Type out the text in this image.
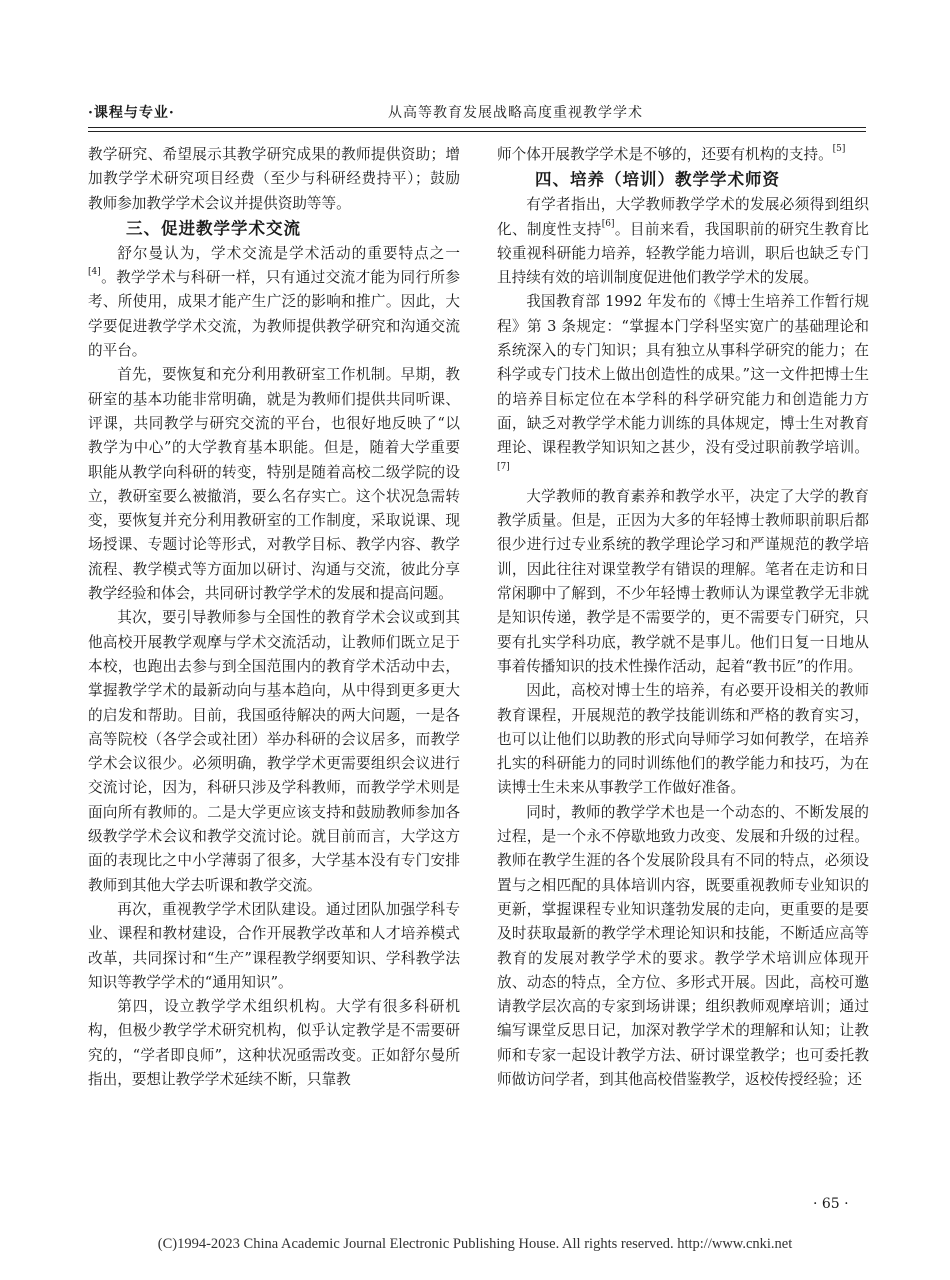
·课程与专业·	从高等教育发展战略高度重视教学学术

教学研究、希望展示其教学研究成果的教师提供资助；增加教学学术研究项目经费（至少与科研经费持平）；鼓励教师参加教学学术会议并提供资助等等。

三、促进教学学术交流

舒尔曼认为，学术交流是学术活动的重要特点之一[4]。教学学术与科研一样，只有通过交流才能为同行所参考、所使用，成果才能产生广泛的影响和推广。因此，大学要促进教学学术交流，为教师提供教学研究和沟通交流的平台。

首先，要恢复和充分利用教研室工作机制。早期，教研室的基本功能非常明确，就是为教师们提供共同听课、评课，共同教学与研究交流的平台，也很好地反映了“以教学为中心”的大学教育基本职能。但是，随着大学重要职能从教学向科研的转变，特别是随着高校二级学院的设立，教研室要么被撤消，要么名存实亡。这个状况急需转变，要恢复并充分利用教研室的工作制度，采取说课、现场授课、专题讨论等形式，对教学目标、教学内容、教学流程、教学模式等方面加以研讨、沟通与交流，彼此分享教学经验和体会，共同研讨教学学术的发展和提高问题。

其次，要引导教师参与全国性的教育学术会议或到其他高校开展教学观摩与学术交流活动，让教师们既立足于本校，也跑出去参与到全国范围内的教育学术活动中去，掌握教学学术的最新动向与基本趋向，从中得到更多更大的启发和帮助。目前，我国亟待解决的两大问题，一是各高等院校（各学会或社团）举办科研的会议居多，而教学学术会议很少。必须明确，教学学术更需要组织会议进行交流讨论，因为，科研只涉及学科教师，而教学学术则是面向所有教师的。二是大学更应该支持和鼓励教师参加各级教学学术会议和教学交流讨论。就目前而言，大学这方面的表现比之中小学薄弱了很多，大学基本没有专门安排教师到其他大学去听课和教学交流。

再次，重视教学学术团队建设。通过团队加强学科专业、课程和教材建设，合作开展教学改革和人才培养模式改革，共同探讨和“生产”课程教学纲要知识、学科教学法知识等教学学术的“通用知识”。

第四，设立教学学术组织机构。大学有很多科研机构，但极少教学学术研究机构，似乎认定教学是不需要研究的，“学者即良师”，这种状况亟需改变。正如舒尔曼所指出，要想让教学学术延续不断，只靠教

师个体开展教学学术是不够的，还要有机构的支持。[5]

四、培养（培训）教学学术师资

有学者指出，大学教师教学学术的发展必须得到组织化、制度性支持[6]。目前来看，我国职前的研究生教育比较重视科研能力培养，轻教学能力培训，职后也缺乏专门且持续有效的培训制度促进他们教学学术的发展。

我国教育部 1992 年发布的《博士生培养工作暂行规程》第 3 条规定：“掌握本门学科坚实宽广的基础理论和系统深入的专门知识；具有独立从事科学研究的能力；在科学或专门技术上做出创造性的成果。”这一文件把博士生的培养目标定位在本学科的科学研究能力和创造能力方面，缺乏对教学学术能力训练的具体规定，博士生对教育理论、课程教学知识知之甚少，没有受过职前教学培训。[7]

大学教师的教育素养和教学水平，决定了大学的教育教学质量。但是，正因为大多的年轻博士教师职前职后都很少进行过专业系统的教学理论学习和严谨规范的教学培训，因此往往对课堂教学有错误的理解。笔者在走访和日常闲聊中了解到，不少年轻博士教师认为课堂教学无非就是知识传递，教学是不需要学的，更不需要专门研究，只要有扎实学科功底，教学就不是事儿。他们日复一日地从事着传播知识的技术性操作活动，起着“教书匠”的作用。

因此，高校对博士生的培养，有必要开设相关的教师教育课程，开展规范的教学技能训练和严格的教育实习，也可以让他们以助教的形式向导师学习如何教学，在培养扎实的科研能力的同时训练他们的教学能力和技巧，为在读博士生未来从事教学工作做好准备。

同时，教师的教学学术也是一个动态的、不断发展的过程，是一个永不停歇地致力改变、发展和升级的过程。教师在教学生涯的各个发展阶段具有不同的特点，必须设置与之相匹配的具体培训内容，既要重视教师专业知识的更新，掌握课程专业知识蓬勃发展的走向，更重要的是要及时获取最新的教学学术理论知识和技能，不断适应高等教育的发展对教学学术的要求。教学学术培训应体现开放、动态的特点，全方位、多形式开展。因此，高校可邀请教学层次高的专家到场讲课；组织教师观摩培训；通过编写课堂反思日记，加深对教学学术的理解和认知；让教师和专家一起设计教学方法、研讨课堂教学；也可委托教师做访问学者，到其他高校借鉴教学，返校传授经验；还

· 65 ·
(C)1994-2023 China Academic Journal Electronic Publishing House. All rights reserved. http://www.cnki.net
